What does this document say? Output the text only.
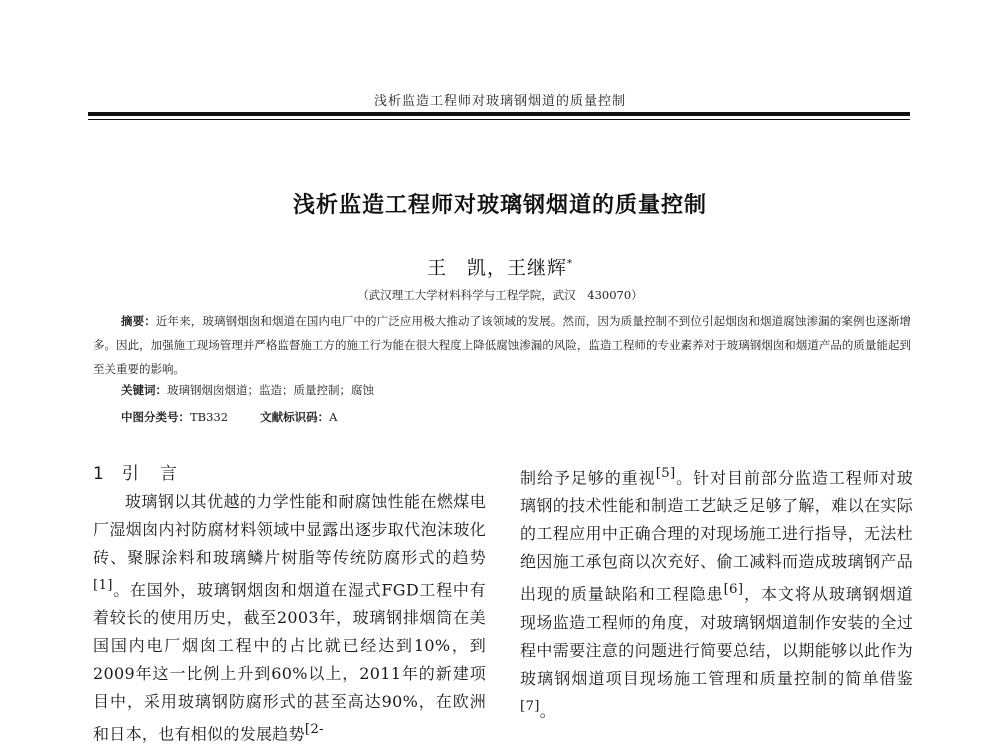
浅析监造工程师对玻璃钢烟道的质量控制
浅析监造工程师对玻璃钢烟道的质量控制
王　凯，王继辉*
（武汉理工大学材料科学与工程学院，武汉　430070）
摘要：近年来，玻璃钢烟囱和烟道在国内电厂中的广泛应用极大推动了该领域的发展。然而，因为质量控制不到位引起烟囱和烟道腐蚀渗漏的案例也逐渐增多。因此，加强施工现场管理并严格监督施工方的施工行为能在很大程度上降低腐蚀渗漏的风险，监造工程师的专业素养对于玻璃钢烟囱和烟道产品的质量能起到至关重要的影响。
关键词：玻璃钢烟囱烟道；监造；质量控制；腐蚀
中图分类号：TB332	文献标识码：A
1 引　言
玻璃钢以其优越的力学性能和耐腐蚀性能在燃煤电厂湿烟囱内衬防腐材料领域中显露出逐步取代泡沫玻化砖、聚脲涂料和玻璃鳞片树脂等传统防腐形式的趋势[1]。在国外，玻璃钢烟囱和烟道在湿式FGD工程中有着较长的使用历史，截至2003年，玻璃钢排烟筒在美国国内电厂烟囱工程中的占比就已经达到10%，到2009年这一比例上升到60%以上，2011年的新建项目中，采用玻璃钢防腐形式的甚至高达90%，在欧洲和日本，也有相似的发展趋势$^{[2-}$
制给予足够的重视[5]。针对目前部分监造工程师对玻璃钢的技术性能和制造工艺缺乏足够了解，难以在实际的工程应用中正确合理的对现场施工进行指导，无法杜绝因施工承包商以次充好、偷工减料而造成玻璃钢产品出现的质量缺陷和工程隐患[6]，本文将从玻璃钢烟道现场监造工程师的角度，对玻璃钢烟道制作安装的全过程中需要注意的问题进行简要总结，以期能够以此作为玻璃钢烟道项目现场施工管理和质量控制的简单借鉴[7]。
